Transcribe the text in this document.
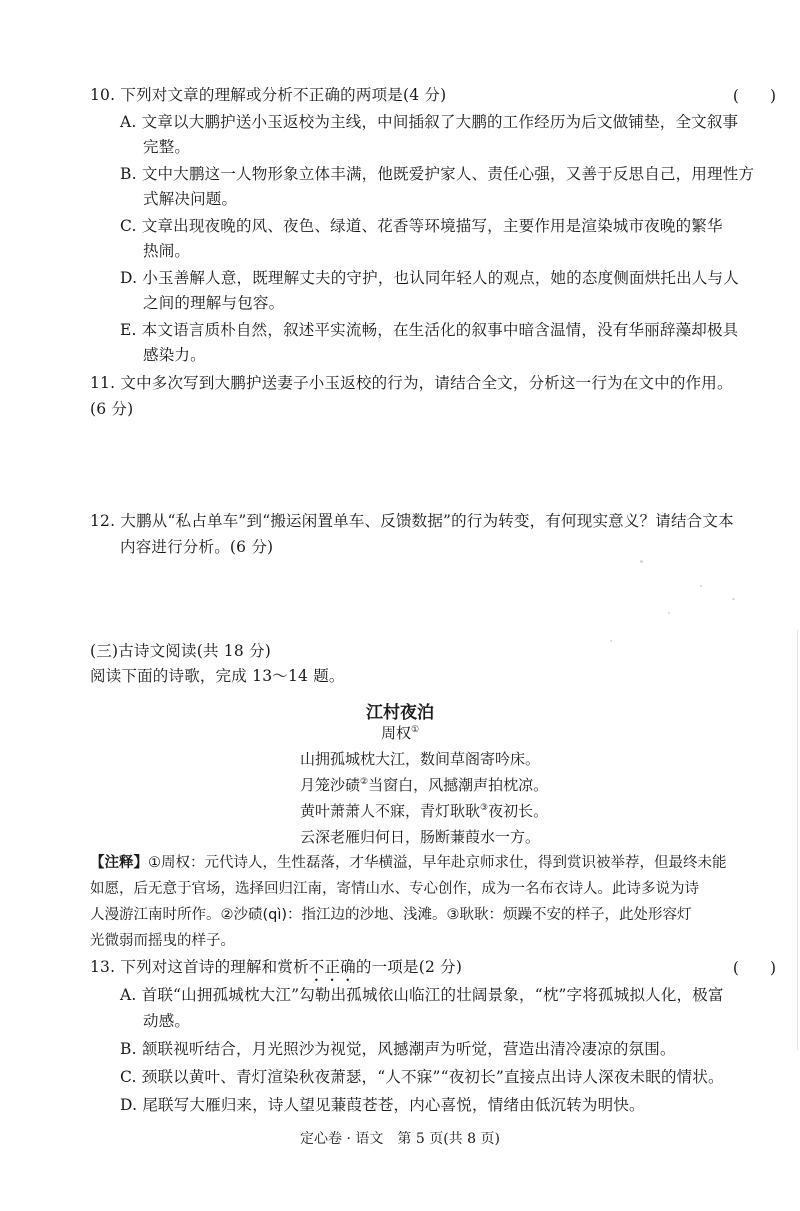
10. 下列对文章的理解或分析不正确的两项是(4 分)	(　　)
A. 文章以大鹏护送小玉返校为主线，中间插叙了大鹏的工作经历为后文做铺垫，全文叙事
完整。
B. 文中大鹏这一人物形象立体丰满，他既爱护家人、责任心强，又善于反思自己，用理性方
式解决问题。
C. 文章出现夜晚的风、夜色、绿道、花香等环境描写，主要作用是渲染城市夜晚的繁华
热闹。
D. 小玉善解人意，既理解丈夫的守护，也认同年轻人的观点，她的态度侧面烘托出人与人
之间的理解与包容。
E. 本文语言质朴自然，叙述平实流畅，在生活化的叙事中暗含温情，没有华丽辞藻却极具
感染力。
11. 文中多次写到大鹏护送妻子小玉返校的行为，请结合全文，分析这一行为在文中的作用。
(6 分)
12. 大鹏从“私占单车”到“搬运闲置单车、反馈数据”的行为转变，有何现实意义？请结合文本
内容进行分析。(6 分)
(三)古诗文阅读(共 18 分)
阅读下面的诗歌，完成 13～14 题。
江村夜泊
周权①
山拥孤城枕大江，数间草阁寄吟床。
月笼沙碛②当窗白，风撼潮声拍枕凉。
黄叶萧萧人不寐，青灯耿耿③夜初长。
云深老雁归何日，肠断蒹葭水一方。
【注释】①周权：元代诗人，生性磊落，才华横溢，早年赴京师求仕，得到赏识被举荐，但最终未能
如愿，后无意于官场，选择回归江南，寄情山水、专心创作，成为一名布衣诗人。此诗多说为诗
人漫游江南时所作。②沙碛(qì)：指江边的沙地、浅滩。③耿耿：烦躁不安的样子，此处形容灯
光微弱而摇曳的样子。
13. 下列对这首诗的理解和赏析不正确的一项是(2 分)	(　　)
A. 首联“山拥孤城枕大江”勾勒出孤城依山临江的壮阔景象，“枕”字将孤城拟人化，极富
动感。
B. 颔联视听结合，月光照沙为视觉，风撼潮声为听觉，营造出清冷凄凉的氛围。
C. 颈联以黄叶、青灯渲染秋夜萧瑟，“人不寐”“夜初长”直接点出诗人深夜未眠的情状。
D. 尾联写大雁归来，诗人望见蒹葭苍苍，内心喜悦，情绪由低沉转为明快。
定心卷 · 语文　第 5 页(共 8 页)
